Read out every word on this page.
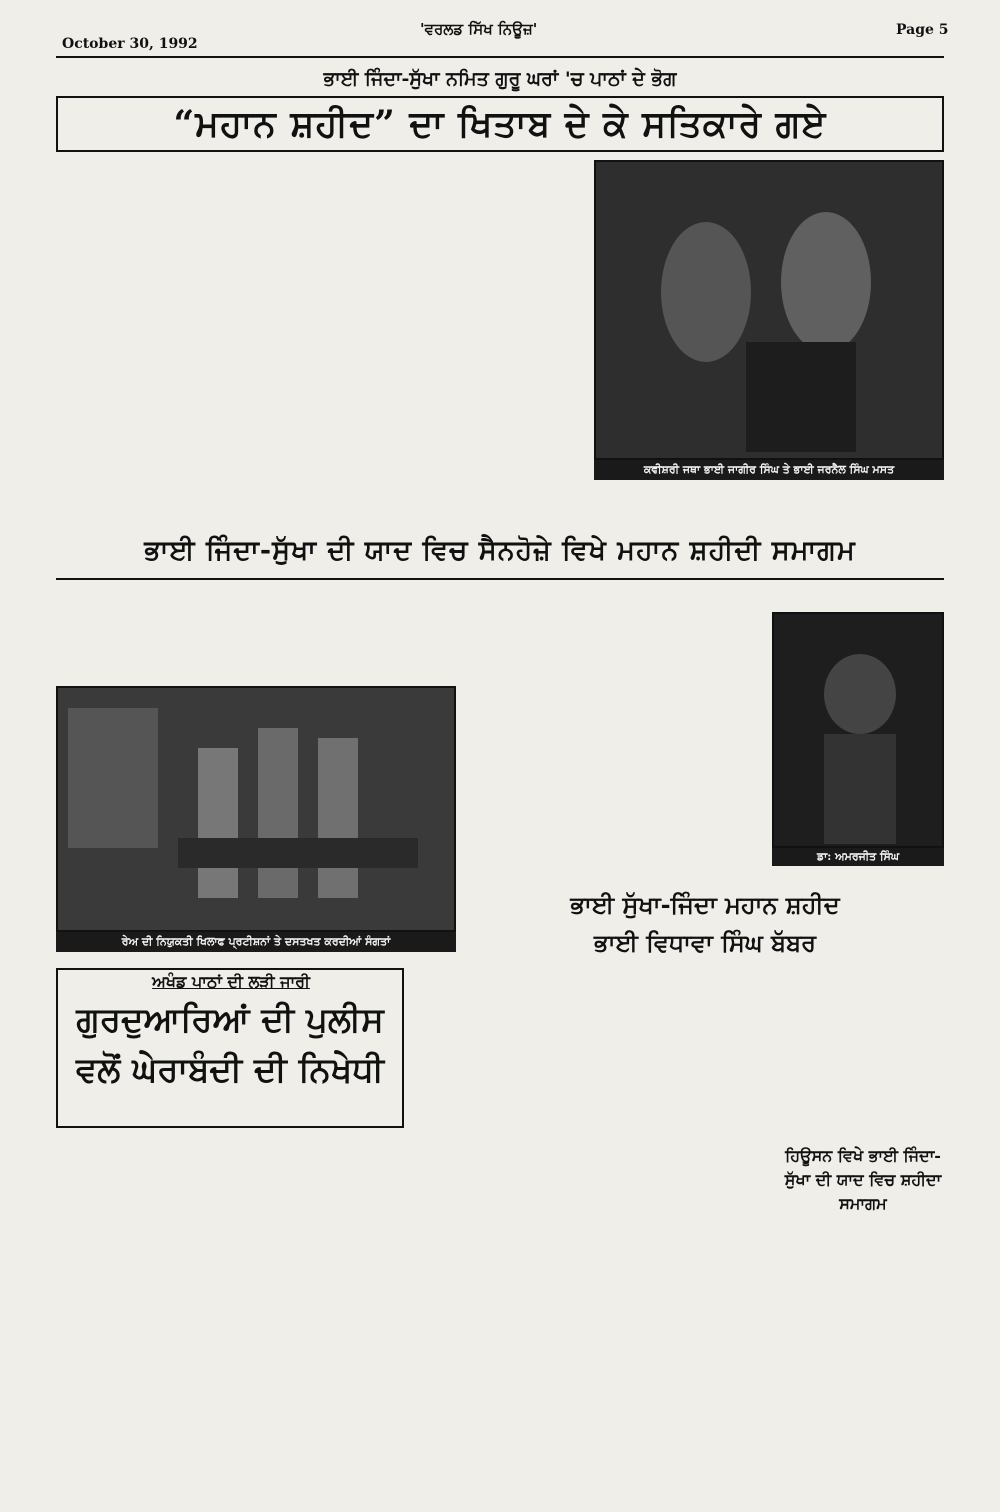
October 30, 1992
'ਵਰਲਡ ਸਿੱਖ ਨਿਊਜ਼'	Page 5
ਭਾਈ ਜਿੰਦਾ-ਸੁੱਖਾ ਨਮਿਤ ਗੁਰੂ ਘਰਾਂ 'ਚ ਪਾਠਾਂ ਦੇ ਭੋਗ
“ਮਹਾਨ ਸ਼ਹੀਦ” ਦਾ ਖਿਤਾਬ ਦੇ ਕੇ ਸਤਿਕਾਰੇ ਗਏ
ਕਵੀਸ਼ਰੀ ਜਥਾ ਭਾਈ ਜਾਗੀਰ ਸਿੰਘ ਤੇ ਭਾਈ ਜਰਨੈਲ ਸਿੰਘ ਮਸਤ
ਭਾਈ ਜਿੰਦਾ-ਸੁੱਖਾ ਦੀ ਯਾਦ ਵਿਚ ਸੈਨਹੋਜ਼ੇ ਵਿਖੇ ਮਹਾਨ ਸ਼ਹੀਦੀ ਸਮਾਗਮ
ਰੇਅ ਦੀ ਨਿਯੁਕਤੀ ਖਿਲਾਫ ਪ੍ਰਟੀਸ਼ਨਾਂ ਤੇ ਦਸਤਖਤ ਕਰਦੀਆਂ ਸੰਗਤਾਂ
ਡਾ: ਅਮਰਜੀਤ ਸਿੰਘ
ਭਾਈ ਸੁੱਖਾ-ਜਿੰਦਾ ਮਹਾਨ ਸ਼ਹੀਦ
ਭਾਈ ਵਿਧਾਵਾ ਸਿੰਘ ਬੱਬਰ
ਹਿਊਸਨ ਵਿਖੇ ਭਾਈ ਜਿੰਦਾ-ਸੁੱਖਾ ਦੀ ਯਾਦ ਵਿਚ ਸ਼ਹੀਦਾ ਸਮਾਗਮ
ਅਖੰਡ ਪਾਠਾਂ ਦੀ ਲੜੀ ਜਾਰੀ
ਗੁਰਦੁਆਰਿਆਂ ਦੀ ਪੁਲੀਸ
ਵਲੋਂ ਘੇਰਾਬੰਦੀ ਦੀ ਨਿਖੇਧੀ
